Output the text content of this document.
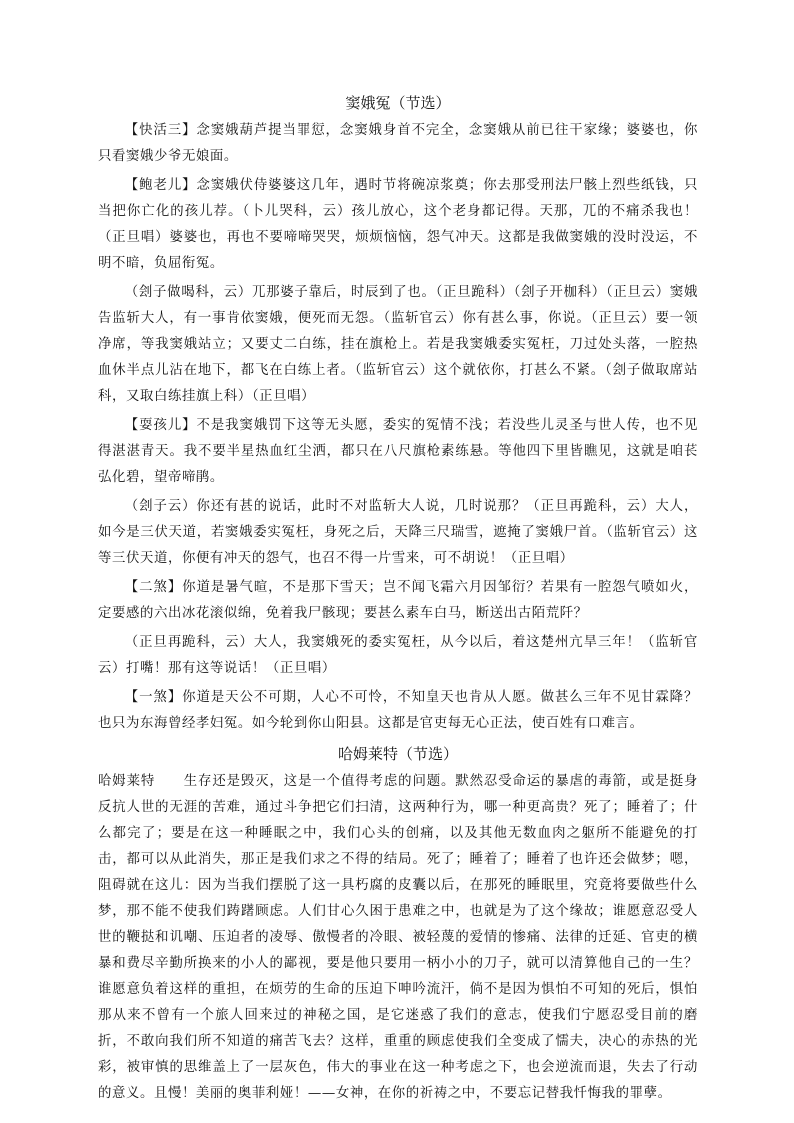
窦娥冤（节选）

【快活三】念窦娥葫芦提当罪愆，念窦娥身首不完全，念窦娥从前已往干家缘；婆婆也，你只看窦娥少爷无娘面。

【鲍老儿】念窦娥伏侍婆婆这几年，遇时节将碗凉浆奠；你去那受刑法尸骸上烈些纸钱，只当把你亡化的孩儿荐。（卜儿哭科，云）孩儿放心，这个老身都记得。天那，兀的不痛杀我也！（正旦唱）婆婆也，再也不要啼啼哭哭，烦烦恼恼，怨气冲天。这都是我做窦娥的没时没运，不明不暗，负屈衔冤。

（刽子做喝科，云）兀那婆子靠后，时辰到了也。（正旦跪科）（刽子开枷科）（正旦云）窦娥告监斩大人，有一事肯依窦娥，便死而无怨。（监斩官云）你有甚么事，你说。（正旦云）要一领净席，等我窦娥站立；又要丈二白练，挂在旗枪上。若是我窦娥委实冤枉，刀过处头落，一腔热血休半点儿沾在地下，都飞在白练上者。（监斩官云）这个就依你，打甚么不紧。（刽子做取席站科，又取白练挂旗上科）（正旦唱）

【耍孩儿】不是我窦娥罚下这等无头愿，委实的冤情不浅；若没些儿灵圣与世人传，也不见得湛湛青天。我不要半星热血红尘洒，都只在八尺旗枪素练悬。等他四下里皆瞧见，这就是咱苌弘化碧，望帝啼鹃。

（刽子云）你还有甚的说话，此时不对监斩大人说，几时说那？（正旦再跪科，云）大人，如今是三伏天道，若窦娥委实冤枉，身死之后，天降三尺瑞雪，遮掩了窦娥尸首。（监斩官云）这等三伏天道，你便有冲天的怨气，也召不得一片雪来，可不胡说！（正旦唱）

【二煞】你道是暑气暄，不是那下雪天；岂不闻飞霜六月因邹衍？若果有一腔怨气喷如火，定要感的六出冰花滚似绵，免着我尸骸现；要甚么素车白马，断送出古陌荒阡？

（正旦再跪科，云）大人，我窦娥死的委实冤枉，从今以后，着这楚州亢旱三年！（监斩官云）打嘴！那有这等说话！（正旦唱）

【一煞】你道是天公不可期，人心不可怜，不知皇天也肯从人愿。做甚么三年不见甘霖降？也只为东海曾经孝妇冤。如今轮到你山阳县。这都是官吏每无心正法，使百姓有口难言。

哈姆莱特（节选）

哈姆莱特　　生存还是毁灭，这是一个值得考虑的问题。默然忍受命运的暴虐的毒箭，或是挺身反抗人世的无涯的苦难，通过斗争把它们扫清，这两种行为，哪一种更高贵？死了；睡着了；什么都完了；要是在这一种睡眠之中，我们心头的创痛，以及其他无数血肉之躯所不能避免的打击，都可以从此消失，那正是我们求之不得的结局。死了；睡着了；睡着了也许还会做梦；嗯，阻碍就在这儿：因为当我们摆脱了这一具朽腐的皮囊以后，在那死的睡眠里，究竟将要做些什么梦，那不能不使我们踌躇顾虑。人们甘心久困于患难之中，也就是为了这个缘故；谁愿意忍受人世的鞭挞和讥嘲、压迫者的凌辱、傲慢者的冷眼、被轻蔑的爱情的惨痛、法律的迁延、官吏的横暴和费尽辛勤所换来的小人的鄙视，要是他只要用一柄小小的刀子，就可以清算他自己的一生？谁愿意负着这样的重担，在烦劳的生命的压迫下呻吟流汗，倘不是因为惧怕不可知的死后，惧怕那从来不曾有一个旅人回来过的神秘之国，是它迷惑了我们的意志，使我们宁愿忍受目前的磨折，不敢向我们所不知道的痛苦飞去？这样，重重的顾虑使我们全变成了懦夫，决心的赤热的光彩，被审慎的思维盖上了一层灰色，伟大的事业在这一种考虑之下，也会逆流而退，失去了行动的意义。且慢！美丽的奥菲利娅！——女神，在你的祈祷之中，不要忘记替我忏悔我的罪孽。
